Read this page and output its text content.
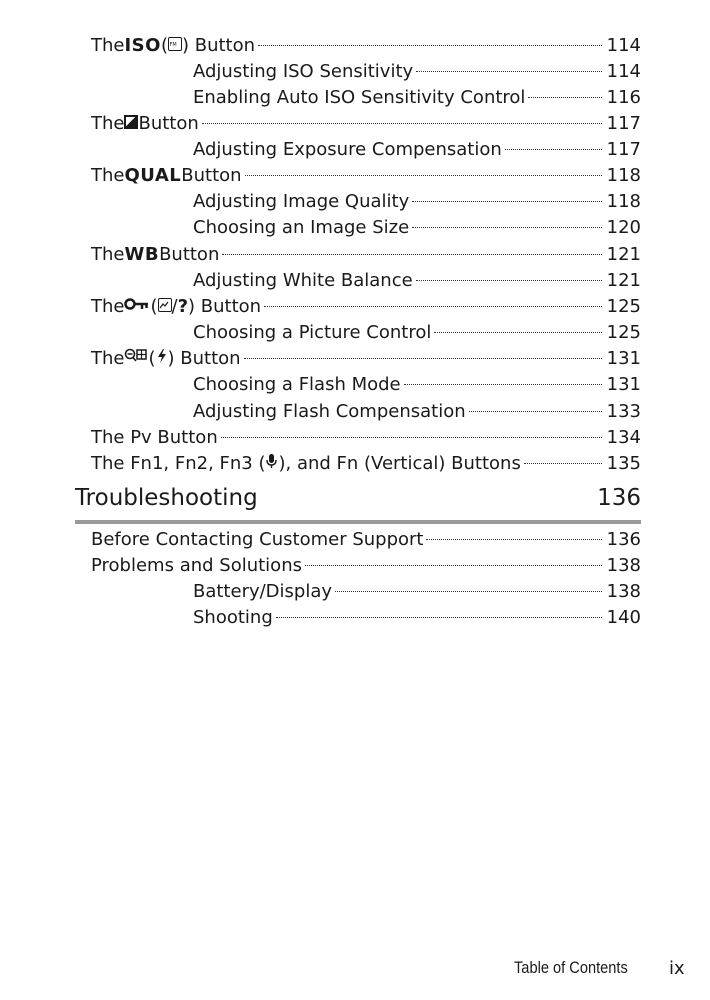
The ISO ( FM ) Button	114
Adjusting ISO Sensitivity	114
Enabling Auto ISO Sensitivity Control	116
The Button	117
Adjusting Exposure Compensation	117
The QUAL Button	118
Adjusting Image Quality	118
Choosing an Image Size	120
The WB Button	121
Adjusting White Balance	121
The ( / ? ) Button	125
Choosing a Picture Control	125
The ( ) Button	131
Choosing a Flash Mode	131
Adjusting Flash Compensation	133
The Pv Button	134
The Fn1, Fn2, Fn3 ( ), and Fn (Vertical) Buttons	135
Troubleshooting	136
Before Contacting Customer Support	136
Problems and Solutions	138
Battery/Display	138
Shooting	140
Table of Contents ix
